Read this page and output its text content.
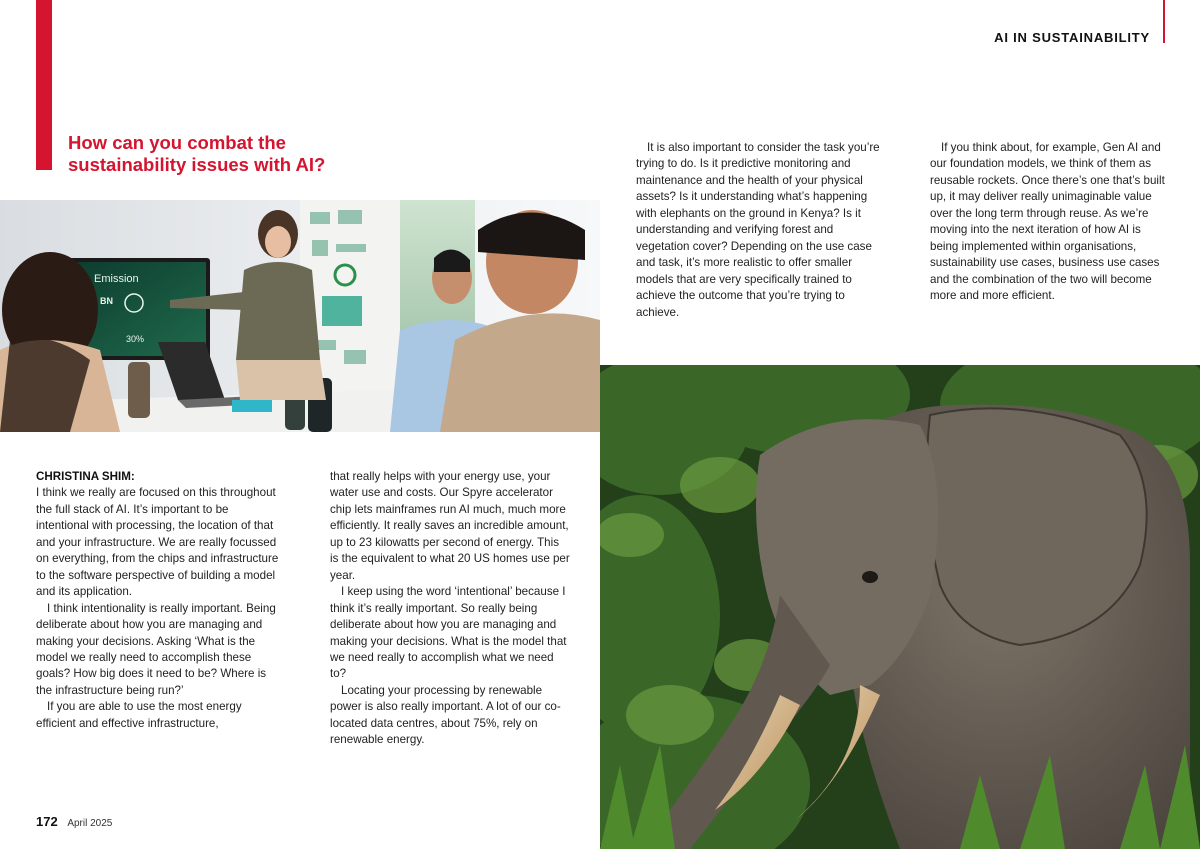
AI IN SUSTAINABILITY
How can you combat the sustainability issues with AI?
Emission
BN
30%

CHRISTINA SHIM:

I think we really are focused on this throughout the full stack of AI. It’s important to be intentional with processing, the location of that and your infrastructure. We are really focussed on everything, from the chips and infrastructure to the software perspective of building a model and its application.

I think intentionality is really important. Being deliberate about how you are managing and making your decisions. Asking ‘What is the model we really need to accomplish these goals? How big does it need to be? Where is the infrastructure being run?’

If you are able to use the most energy efficient and effective infrastructure,

that really helps with your energy use, your water use and costs. Our Spyre accelerator chip lets mainframes run AI much, much more efficiently. It really saves an incredible amount, up to 23 kilowatts per second of energy. This is the equivalent to what 20 US homes use per year.

I keep using the word ‘intentional’ because I think it’s really important. So really being deliberate about how you are managing and making your decisions. What is the model that we need really to accomplish what we need to?

Locating your processing by renewable power is also really important. A lot of our co-located data centres, about 75%, rely on renewable energy.

It is also important to consider the task you’re trying to do. Is it predictive monitoring and maintenance and the health of your physical assets? Is it understanding what’s happening with elephants on the ground in Kenya? Is it understanding and verifying forest and vegetation cover? Depending on the use case and task, it’s more realistic to offer smaller models that are very specifically trained to achieve the outcome that you’re trying to achieve.

If you think about, for example, Gen AI and our foundation models, we think of them as reusable rockets. Once there’s one that’s built up, it may deliver really unimaginable value over the long term through reuse. As we’re moving into the next iteration of how AI is being implemented within organisations, sustainability use cases, business use cases and the combination of the two will become more and more efficient.

172 April 2025
